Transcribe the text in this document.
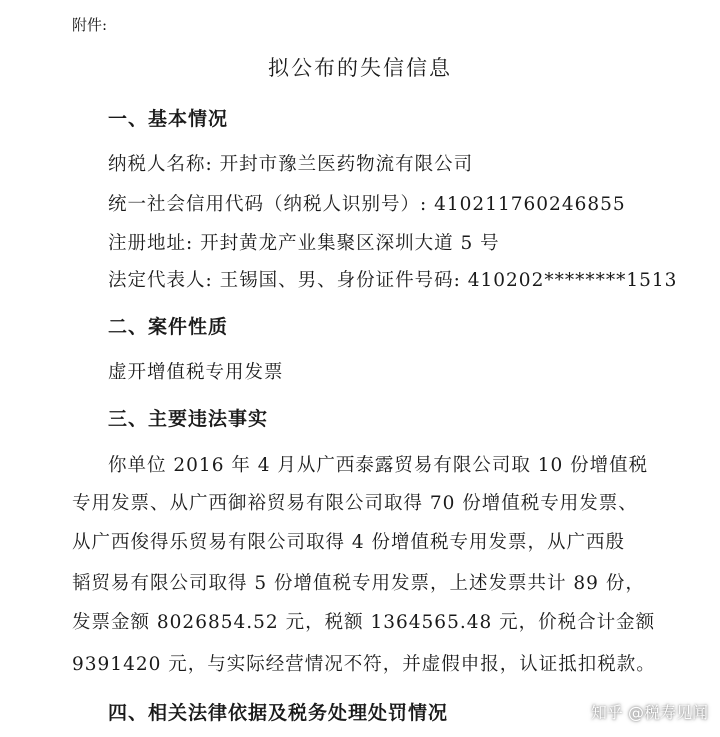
附件:
拟公布的失信信息
一、基本情况
纳税人名称: 开封市豫兰医药物流有限公司
统一社会信用代码（纳税人识别号）: 410211760246855
注册地址: 开封黄龙产业集聚区深圳大道 5 号
法定代表人: 王锡国、男、身份证件号码: 410202********1513
二、案件性质
虚开增值税专用发票
三、主要违法事实
你单位 2016 年 4 月从广西泰露贸易有限公司取 10 份增值税
专用发票、从广西御裕贸易有限公司取得 70 份增值税专用发票、
从广西俊得乐贸易有限公司取得 4 份增值税专用发票，从广西殷
韬贸易有限公司取得 5 份增值税专用发票，上述发票共计 89 份，
发票金额 8026854.52 元，税额 1364565.48 元，价税合计金额
9391420 元，与实际经营情况不符，并虚假申报，认证抵扣税款。
四、相关法律依据及税务处理处罚情况	知乎 @税寿见闻
